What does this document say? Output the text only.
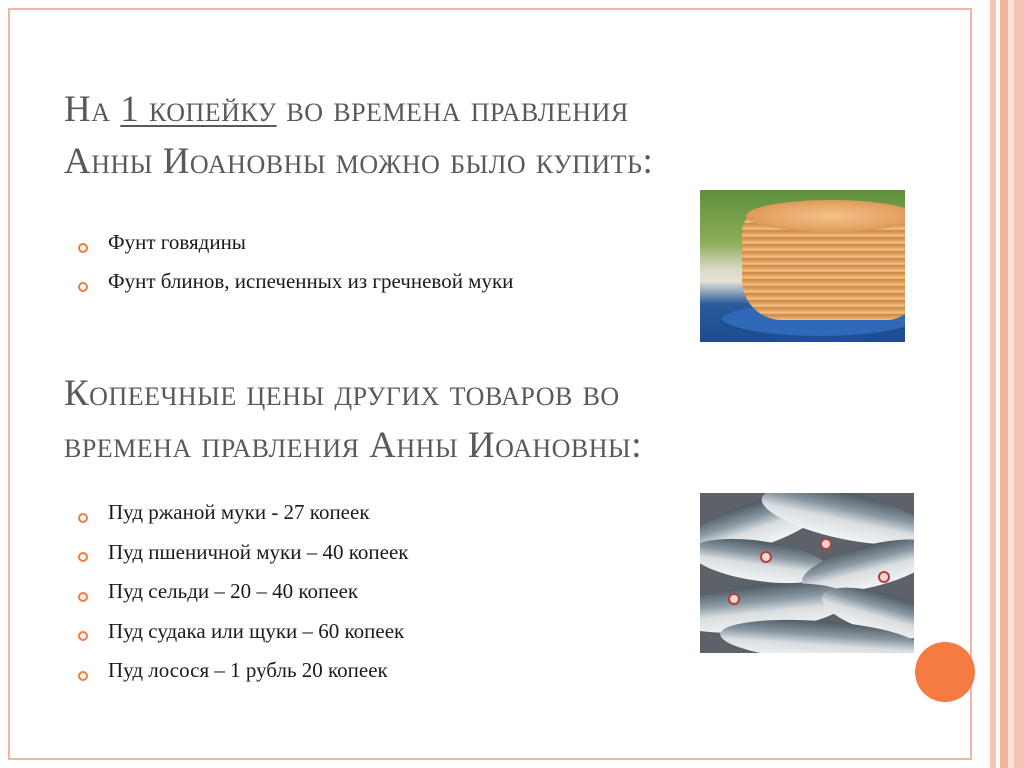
На 1 копейку во времена правления
Анны Иоановны можно было купить:
Фунт говядины
Фунт блинов, испеченных из гречневой муки
Копеечные цены других товаров во
времена правления Анны Иоановны:
Пуд ржаной муки - 27 копеек
Пуд пшеничной муки – 40 копеек
Пуд сельди – 20 – 40 копеек
Пуд судака или щуки – 60 копеек
Пуд лосося – 1 рубль 20 копеек
